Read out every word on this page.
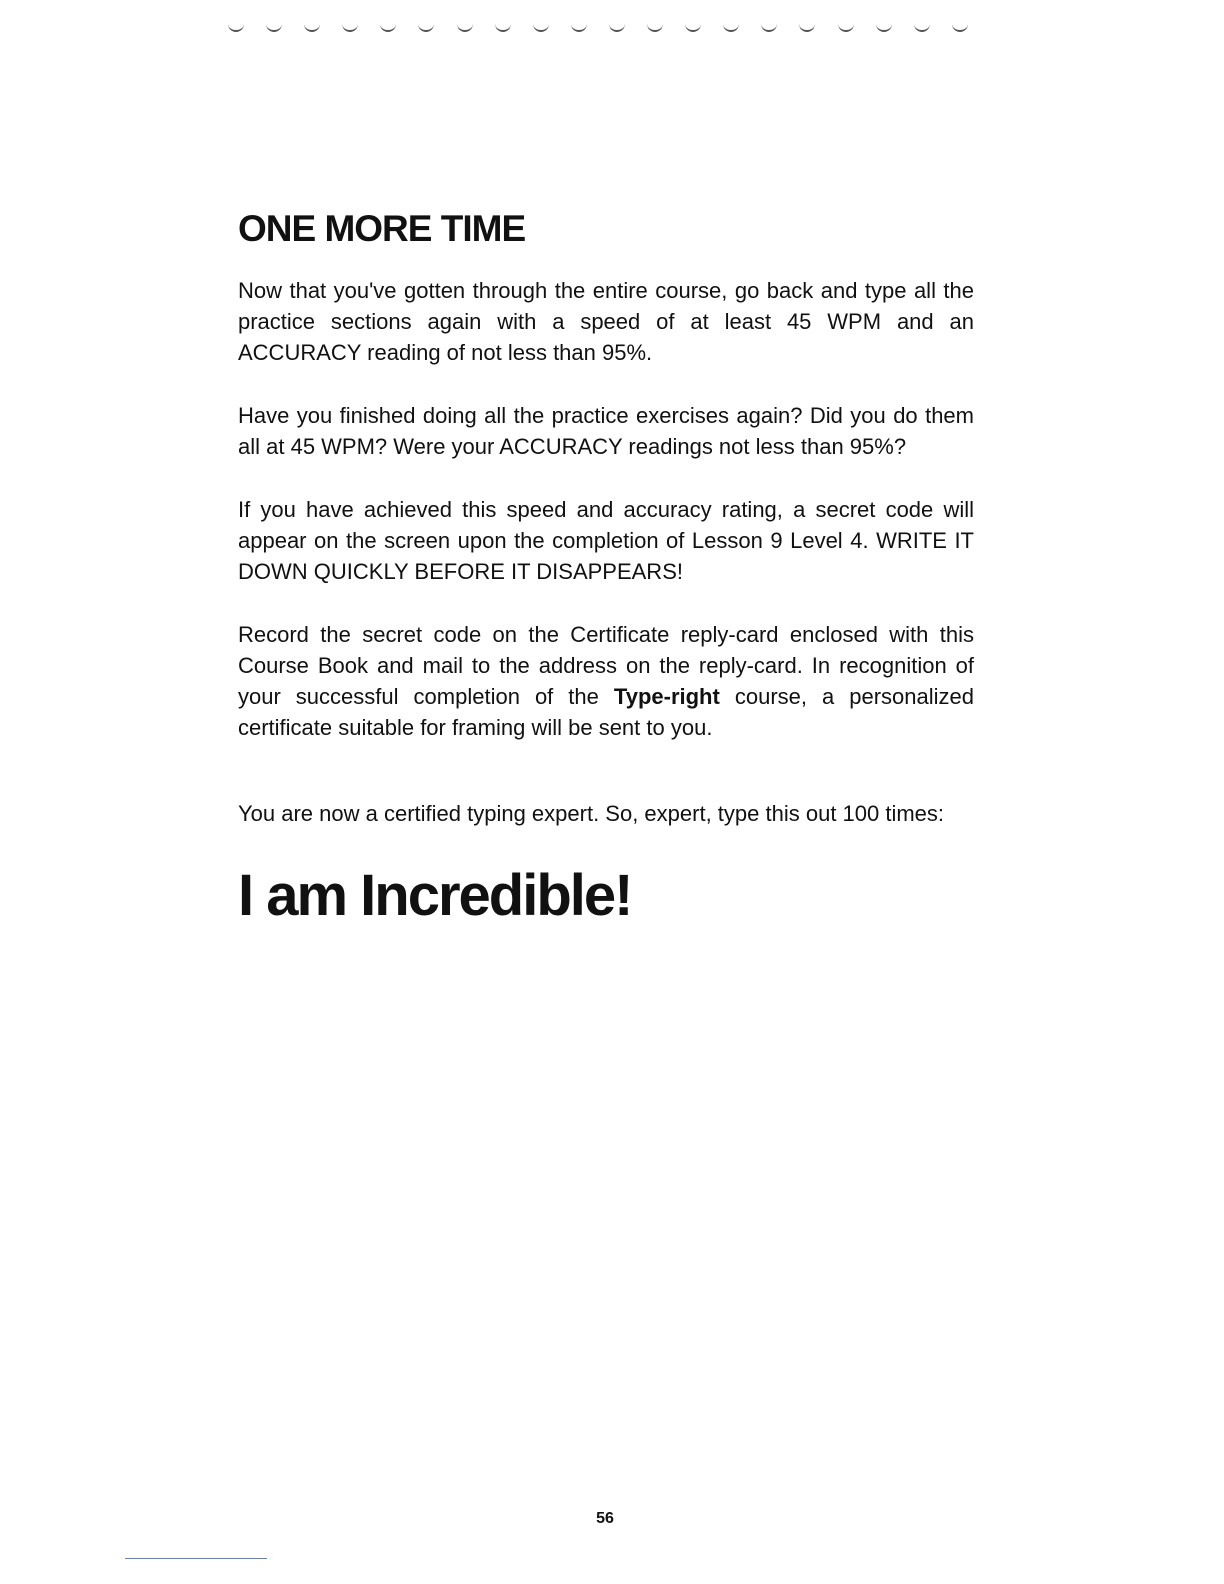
ONE MORE TIME

Now that you've gotten through the entire course, go back and type all the practice sections again with a speed of at least 45 WPM and an ACCURACY reading of not less than 95%.

Have you finished doing all the practice exercises again? Did you do them all at 45 WPM? Were your ACCURACY readings not less than 95%?

If you have achieved this speed and accuracy rating, a secret code will appear on the screen upon the completion of Lesson 9 Level 4. WRITE IT DOWN QUICKLY BEFORE IT DISAPPEARS!

Record the secret code on the Certificate reply-card enclosed with this Course Book and mail to the address on the reply-card. In recognition of your successful completion of the Type-right course, a personalized certificate suitable for framing will be sent to you.

You are now a certified typing expert. So, expert, type this out 100 times:

I am Incredible!
56
